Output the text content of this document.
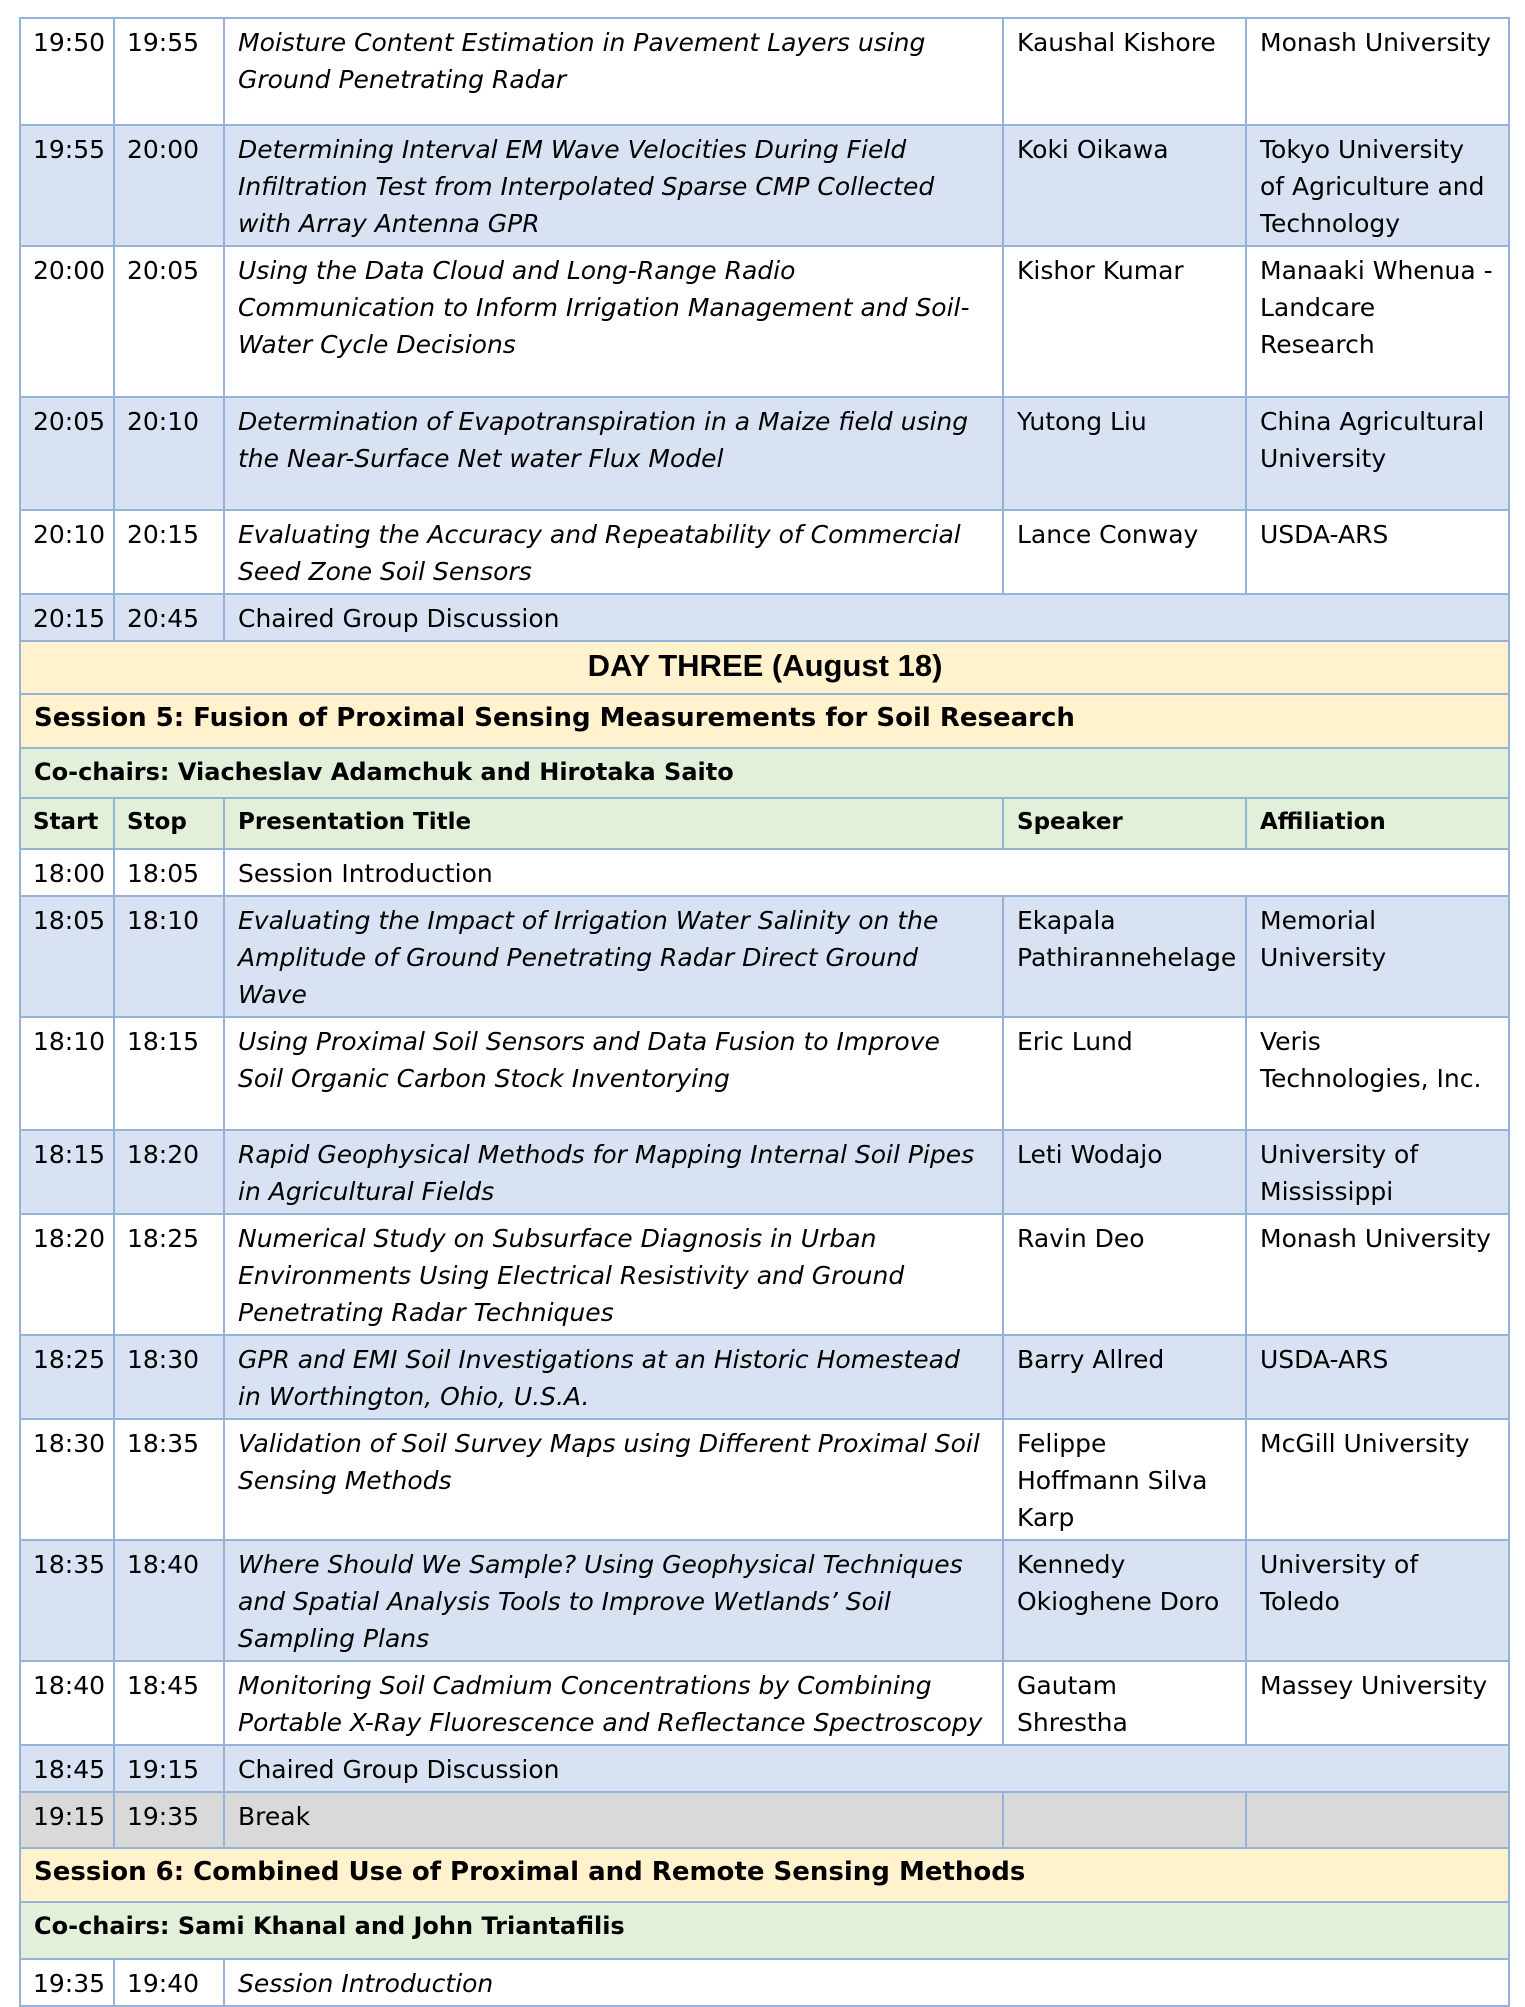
19:50	19:55	Moisture Content Estimation in Pavement Layers using Ground Penetrating Radar	Kaushal Kishore	Monash University
19:55	20:00	Determining Interval EM Wave Velocities During Field Infiltration Test from Interpolated Sparse CMP Collected with Array Antenna GPR	Koki Oikawa	Tokyo University of Agriculture and Technology
20:00	20:05	Using the Data Cloud and Long-Range Radio Communication to Inform Irrigation Management and Soil-Water Cycle Decisions	Kishor Kumar	Manaaki Whenua - Landcare Research
20:05	20:10	Determination of Evapotranspiration in a Maize field using the Near-Surface Net water Flux Model	Yutong Liu	China Agricultural University
20:10	20:15	Evaluating the Accuracy and Repeatability of Commercial Seed Zone Soil Sensors	Lance Conway	USDA-ARS
20:15	20:45	Chaired Group Discussion		
DAY THREE (August 18)				
Session 5: Fusion of Proximal Sensing Measurements for Soil Research				
Co-chairs: Viacheslav Adamchuk and Hirotaka Saito				
Start	Stop	Presentation Title	Speaker	Affiliation
18:00	18:05	Session Introduction		
18:05	18:10	Evaluating the Impact of Irrigation Water Salinity on the Amplitude of Ground Penetrating Radar Direct Ground Wave	Ekapala Pathirannehelage	Memorial University
18:10	18:15	Using Proximal Soil Sensors and Data Fusion to Improve Soil Organic Carbon Stock Inventorying	Eric Lund	Veris Technologies, Inc.
18:15	18:20	Rapid Geophysical Methods for Mapping Internal Soil Pipes in Agricultural Fields	Leti Wodajo	University of Mississippi
18:20	18:25	Numerical Study on Subsurface Diagnosis in Urban Environments Using Electrical Resistivity and Ground Penetrating Radar Techniques	Ravin Deo	Monash University
18:25	18:30	GPR and EMI Soil Investigations at an Historic Homestead in Worthington, Ohio, U.S.A.	Barry Allred	USDA-ARS
18:30	18:35	Validation of Soil Survey Maps using Different Proximal Soil Sensing Methods	Felippe Hoffmann Silva Karp	McGill University
18:35	18:40	Where Should We Sample? Using Geophysical Techniques and Spatial Analysis Tools to Improve Wetlands’ Soil Sampling Plans	Kennedy Okioghene Doro	University of Toledo
18:40	18:45	Monitoring Soil Cadmium Concentrations by Combining Portable X-Ray Fluorescence and Reflectance Spectroscopy	Gautam Shrestha	Massey University
18:45	19:15	Chaired Group Discussion		
19:15	19:35	Break		
Session 6: Combined Use of Proximal and Remote Sensing Methods				
Co-chairs: Sami Khanal and John Triantafilis				
19:35	19:40	Session Introduction		
